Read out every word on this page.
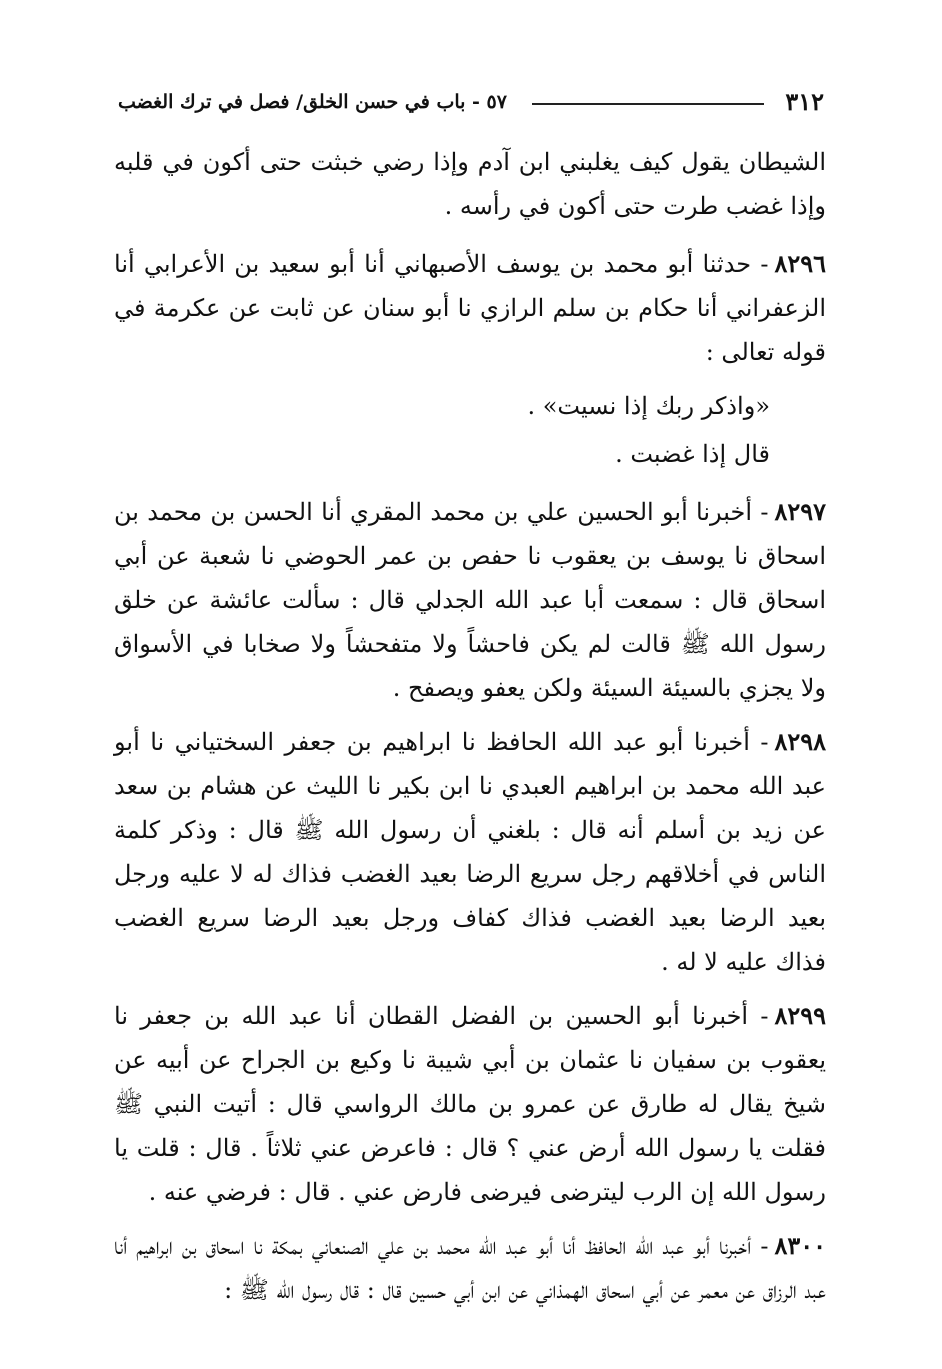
٣١٢
٥٧ - باب في حسن الخلق/ فصل في ترك الغضب

الشيطان يقول كيف يغلبني ابن آدم وإذا رضي خبثت حتى أكون في قلبه وإذا غضب طرت حتى أكون في رأسه .

٨٢٩٦- حدثنا أبو محمد بن يوسف الأصبهاني أنا أبو سعيد بن الأعرابي أنا الزعفراني أنا حكام بن سلم الرازي نا أبو سنان عن ثابت عن عكرمة في قوله تعالى :

«واذكر ربك إذا نسيت» .

قال إذا غضبت .

٨٢٩٧- أخبرنا أبو الحسين علي بن محمد المقري أنا الحسن بن محمد بن اسحاق نا يوسف بن يعقوب نا حفص بن عمر الحوضي نا شعبة عن أبي اسحاق قال : سمعت أبا عبد الله الجدلي قال : سألت عائشة عن خلق رسول الله ﷺ قالت لم يكن فاحشاً ولا متفحشاً ولا صخابا في الأسواق ولا يجزي بالسيئة السيئة ولكن يعفو ويصفح .

٨٢٩٨- أخبرنا أبو عبد الله الحافظ نا ابراهيم بن جعفر السختياني نا أبو عبد الله محمد بن ابراهيم العبدي نا ابن بكير نا الليث عن هشام بن سعد عن زيد بن أسلم أنه قال : بلغني أن رسول الله ﷺ قال : وذكر كلمة الناس في أخلاقهم رجل سريع الرضا بعيد الغضب فذاك له لا عليه ورجل بعيد الرضا بعيد الغضب فذاك كفاف ورجل بعيد الرضا سريع الغضب فذاك عليه لا له .

٨٢٩٩- أخبرنا أبو الحسين بن الفضل القطان أنا عبد الله بن جعفر نا يعقوب بن سفيان نا عثمان بن أبي شيبة نا وكيع بن الجراح عن أبيه عن شيخ يقال له طارق عن عمرو بن مالك الرواسي قال : أتيت النبي ﷺ فقلت يا رسول الله أرض عني ؟ قال : فاعرض عني ثلاثاً . قال : قلت يا رسول الله إن الرب ليترضى فيرضى فارض عني . قال : فرضي عنه .

٨٣٠٠- أخبرنا أبو عبد الله الحافظ أنا أبو عبد الله محمد بن علي الصنعاني بمكة نا اسحاق بن ابراهيم أنا عبد الرزاق عن معمر عن أبي اسحاق الهمذاني عن ابن أبي حسين قال : قال رسول الله ﷺ :
